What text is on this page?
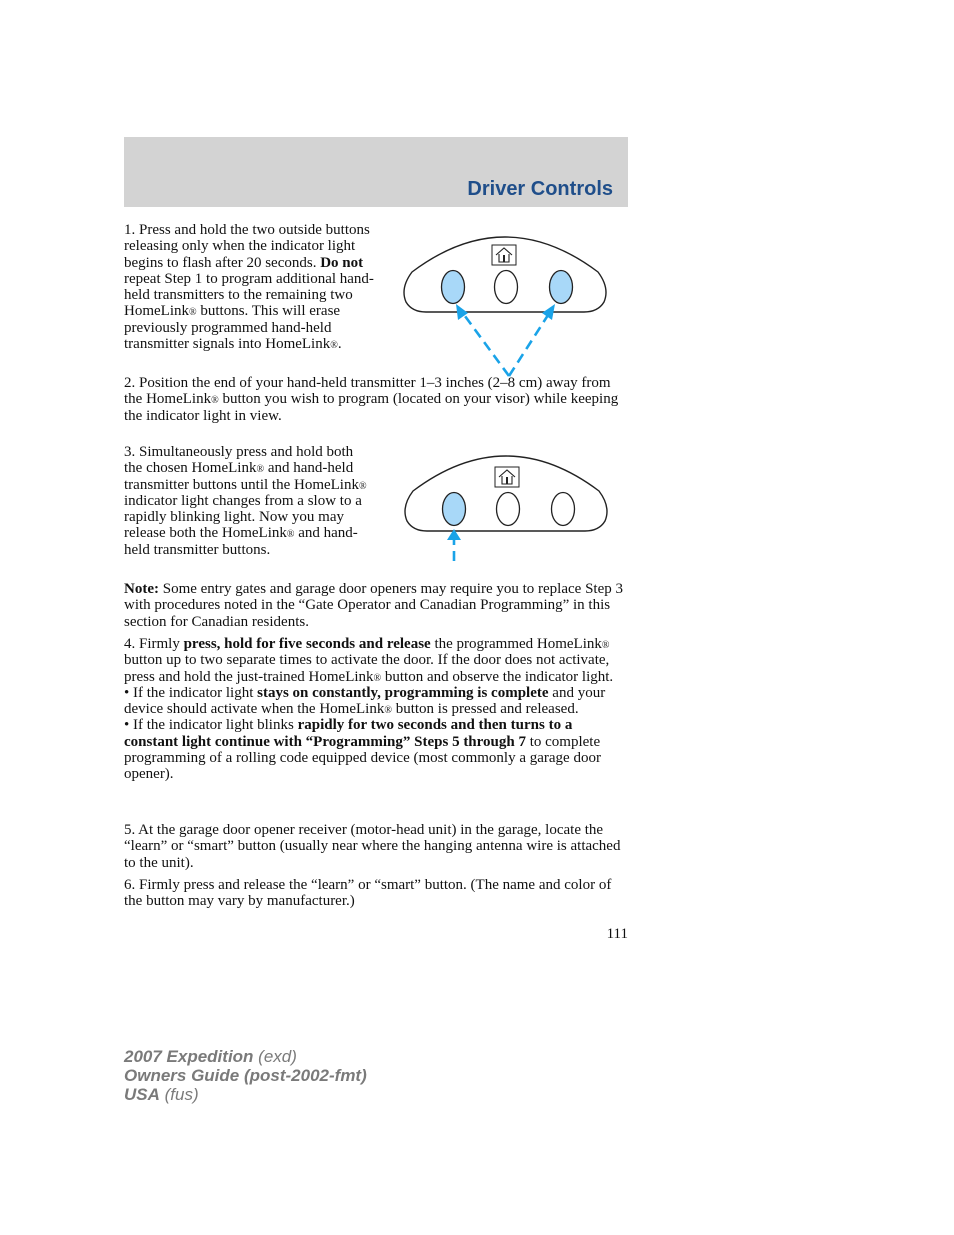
Driver Controls

1. Press and hold the two outside buttons releasing only when the indicator light begins to flash after 20 seconds. Do not repeat Step 1 to program additional hand-held transmitters to the remaining two HomeLink® buttons. This will erase previously programmed hand-held transmitter signals into HomeLink®.

2. Position the end of your hand-held transmitter 1–3 inches (2–8 cm) away from the HomeLink® button you wish to program (located on your visor) while keeping the indicator light in view.

3. Simultaneously press and hold both the chosen HomeLink® and hand-held transmitter buttons until the HomeLink® indicator light changes from a slow to a rapidly blinking light. Now you may release both the HomeLink® and hand-held transmitter buttons.

Note: Some entry gates and garage door openers may require you to replace Step 3 with procedures noted in the “Gate Operator and Canadian Programming” in this section for Canadian residents.

4. Firmly press, hold for five seconds and release the programmed HomeLink® button up to two separate times to activate the door. If the door does not activate, press and hold the just-trained HomeLink® button and observe the indicator light.
• If the indicator light stays on constantly, programming is complete and your device should activate when the HomeLink® button is pressed and released.
• If the indicator light blinks rapidly for two seconds and then turns to a constant light continue with “Programming” Steps 5 through 7 to complete programming of a rolling code equipped device (most commonly a garage door opener).

5. At the garage door opener receiver (motor-head unit) in the garage, locate the “learn” or “smart” button (usually near where the hanging antenna wire is attached to the unit).

6. Firmly press and release the “learn” or “smart” button. (The name and color of the button may vary by manufacturer.)

111
2007 Expedition (exd)
Owners Guide (post-2002-fmt)
USA (fus)
